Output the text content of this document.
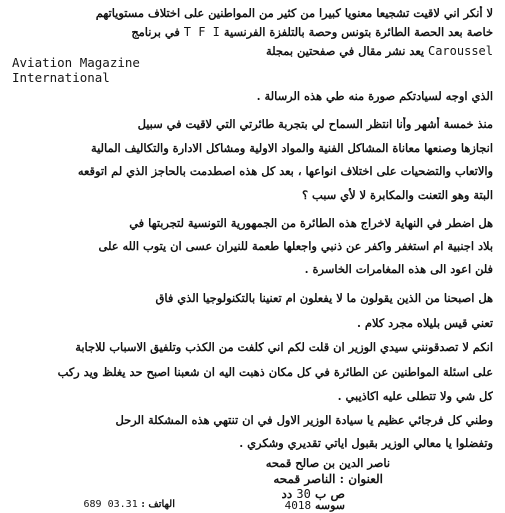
لا أنكر اني لاقيت تشجيعا معنويا كبيرا من كثير من المواطنين على اختلاف مستوياتهم
خاصة بعد الحصة الطائرة بتونس وحصة بالتلفزة الفرنسية T F I في برنامج
Caroussel يعد نشر مقال في صفحتين بمجلة
Aviation Magazine
International
الذي اوجه لسيادتكم صورة منه طي هذه الرسالة .
منذ خمسة أشهر وأنا انتظر السماح لي بتجربة طائرتي التي لاقيت في سبيل
انجازها وصنعها معاناة المشاكل الفنية والمواد الاولية ومشاكل الادارة والتكاليف المالية
والاتعاب والتضحيات على اختلاف انواعها ، بعد كل هذه اصطدمت بالحاجز الذي لم اتوقعه
البتة وهو التعنت والمكابرة لا لأي سبب ؟
هل اضطر في النهاية لاخراج هذه الطائرة من الجمهورية التونسية لتجربتها في
بلاد اجنبية ام استغفر واكفر عن ذنبي واجعلها طعمة للنيران عسى ان يتوب الله على
فلن اعود الى هذه المغامرات الخاسرة .
هل اصبحنا من الذين يقولون ما لا يفعلون ام تعنينا بالتكنولوجيا الذي فاق
تعني قيس بليلاه مجرد كلام .
انكم لا تصدقونني سيدي الوزير ان قلت لكم اني كلفت من الكذب وتلفيق الاسباب للاجابة
على اسئلة المواطنين عن الطائرة في كل مكان ذهبت اليه ان شعبنا اصبح حد يغلظ ويد ركب
كل شي ولا تتطلى عليه اكاذيبي .
وطني كل فرجائي عظيم يا سيادة الوزير الاول في ان تنتهي هذه المشكلة الرحل
وتفضلوا يا معالي الوزير بقبول اياتي تقديري وشكري .
ناصر الدين بن صالح قمحه
العنوان : الناصر قمحه
ص ب 30 دد
سوسه 4018
الهاتف : 03.31 689
